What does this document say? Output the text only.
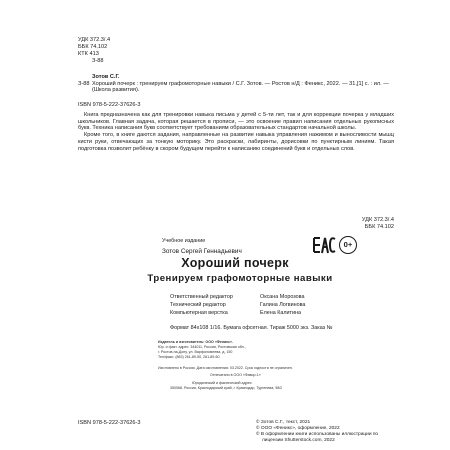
УДК 372.3/.4
ББК 74.102
КТК 413
З-88
Зотов С.Г.
З-88 Хороший почерк : тренируем графомоторные навыки / С.Г. Зотов. — Ростов н/Д : Феникс, 2022. — 31,[1] с. : ил. — (Школа развития).
ISBN 978-5-222-37626-3

Книга предназначена как для тренировки навыка письма у детей с 5-ти лет, так и для коррекции почерка у младших школьников. Главная задача, которая решается в прописи, — это освоение правил написания отдельных рукописных букв. Техника написания букв соответствует требованиям образовательных стандартов начальной школы.

Кроме того, в книге даются задания, направленные на развитие навыка управления нажимом и выносливости мышц кисти руки, отвечающих за тонкую моторику. Это раскраски, лабиринты, дорисовки по пунктирным линиям. Такая подготовка позволит ребёнку в скором будущем перейти к написанию соединений букв и отдельных слов.

УДК 372.3/.4
ББК 74.102
Учебное издание
Зотов Сергей Геннадьевич
0+
Хороший почерк
Тренируем графомоторные навыки
Ответственный редактор	Оксана Морозова
Технический редактор	Галина Логвинова
Компьютерная верстка	Елена Калитина
Формат 84х108 1/16. Бумага офсетная. Тираж 5000 экз. Заказ №
Издатель и изготовитель: ООО «Феникс».
Юр. и факт. адрес: 344011, Россия, Ростовская обл.,
г. Ростов-на-Дону, ул. Варфоломеева, д. 150
Тел/факс: (863) 261-89-50, 261-89-60
Изготовлено в России. Дата изготовления: 03.2022. Срок годности не ограничен.
Отпечатано в ООО «Фавор-1»
Юридический и фактический адрес:
350068, Россия, Краснодарский край, г. Краснодар, Тургенева, 98/2
ISBN 978-5-222-37626-3	© Зотов С.Г., текст, 2021
© ООО «Феникс», оформление, 2022
© В оформлении книги использованы иллюстрации по
лицензии Shutterstock.com, 2022
